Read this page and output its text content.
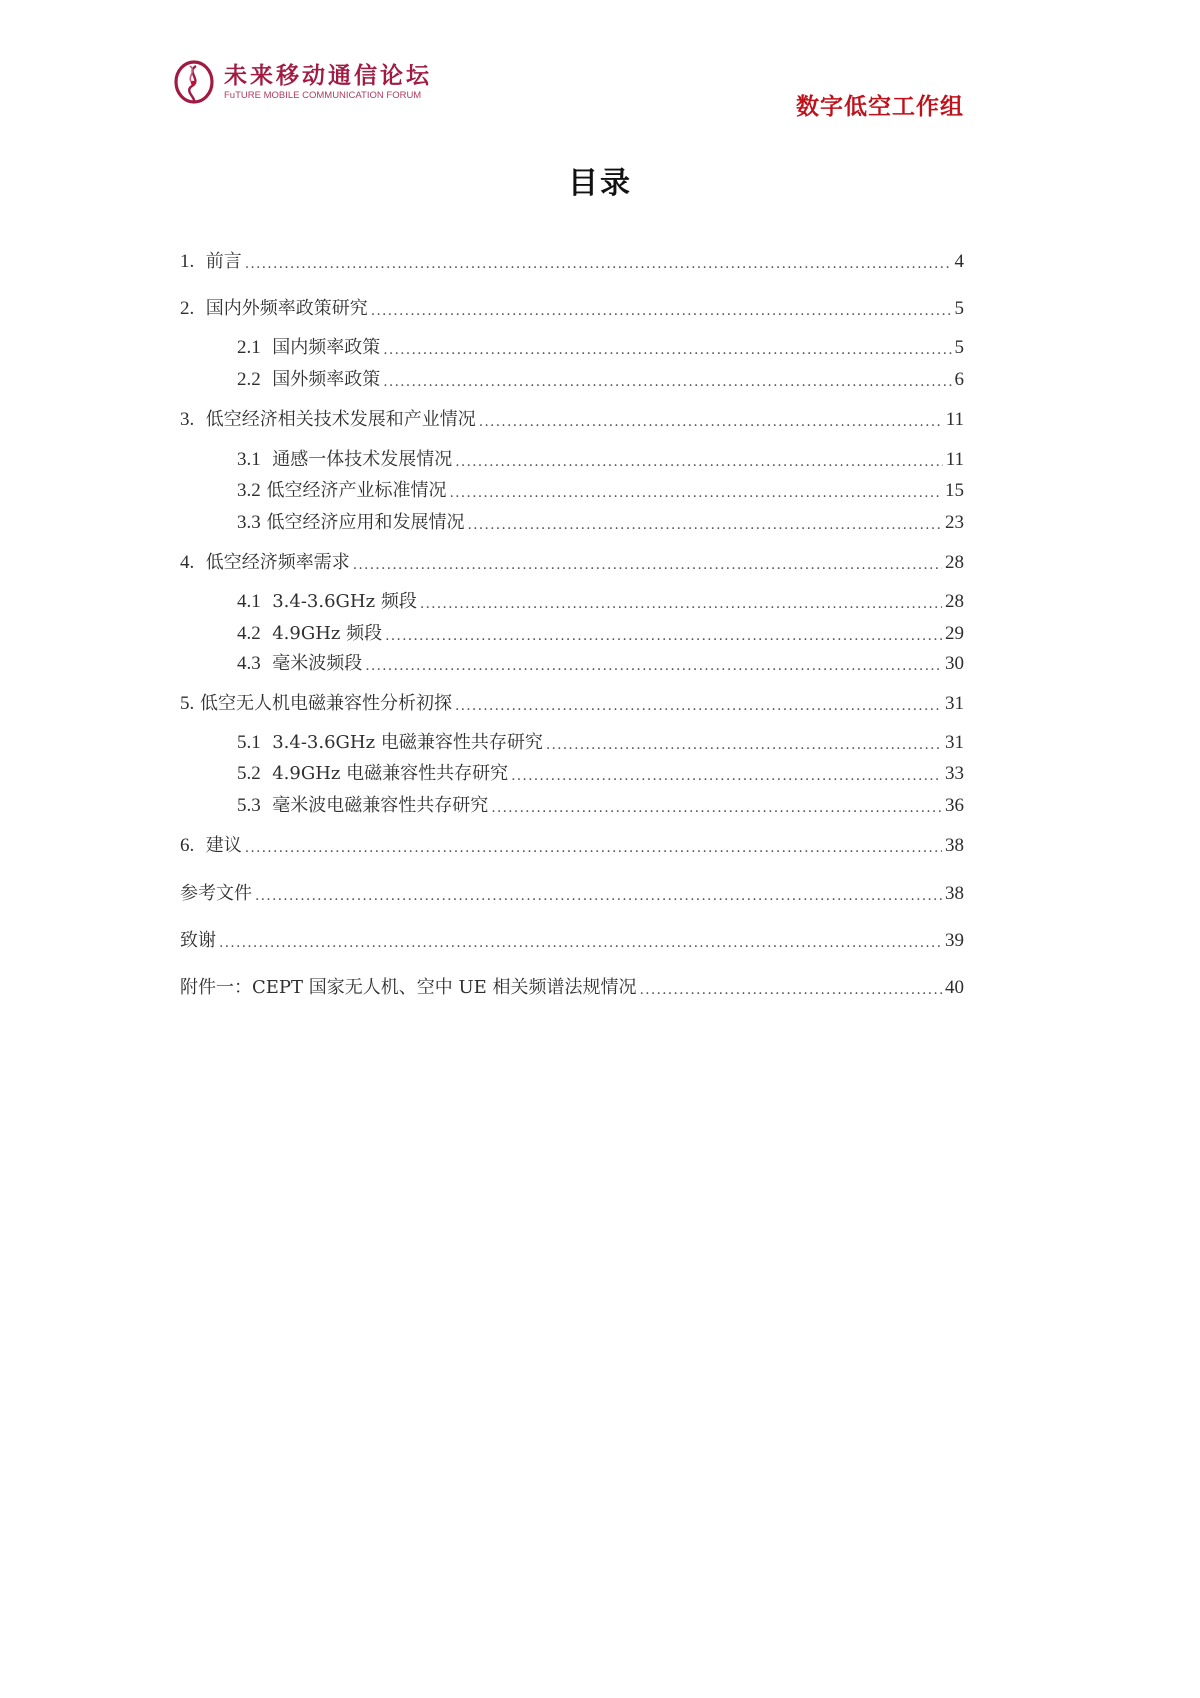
未来移动通信论坛
FuTURE MOBILE COMMUNICATION FORUM	数字低空工作组
目录
1. 前言 .....	4
2. 国内外频率政策研究 .....	5
2.1 国内频率政策 .....	5
2.2 国外频率政策 .....	6
3. 低空经济相关技术发展和产业情况 .....	11
3.1 通感一体技术发展情况 .....	11
3.2 低空经济产业标准情况 .....	15
3.3 低空经济应用和发展情况 .....	23
4. 低空经济频率需求 .....	28
4.1 3.4-3.6GHz 频段 .....	28
4.2 4.9GHz 频段 .....	29
4.3 毫米波频段 .....	30
5. 低空无人机电磁兼容性分析初探 .....	31
5.1 3.4-3.6GHz 电磁兼容性共存研究 .....	31
5.2 4.9GHz 电磁兼容性共存研究 .....	33
5.3 毫米波电磁兼容性共存研究 .....	36
6. 建议 .....	38
参考文件 .....	38
致谢 .....	39
附件一：CEPT 国家无人机、空中 UE 相关频谱法规情况 .....	40
